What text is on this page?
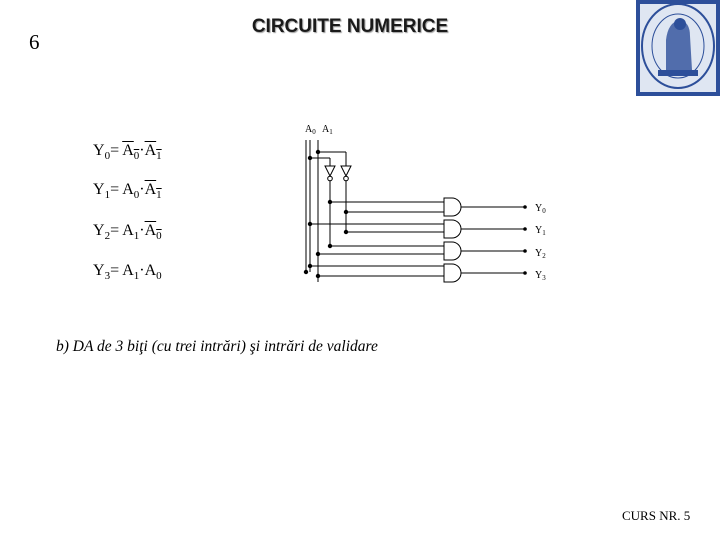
6
CIRCUITE NUMERICE
$Y_0= A_0\cdot A_1$
$Y_1= A_0\cdot A_1$
$Y_2= A_1\cdot A_0$
$Y_3= A_1\cdot A_0$
$A_0$ $A_1$
$Y_0$
$Y_1$
$Y_2$
$Y_3$
b) DA de 3 biţi (cu trei intrări) şi intrări de validare
CURS NR. 5
